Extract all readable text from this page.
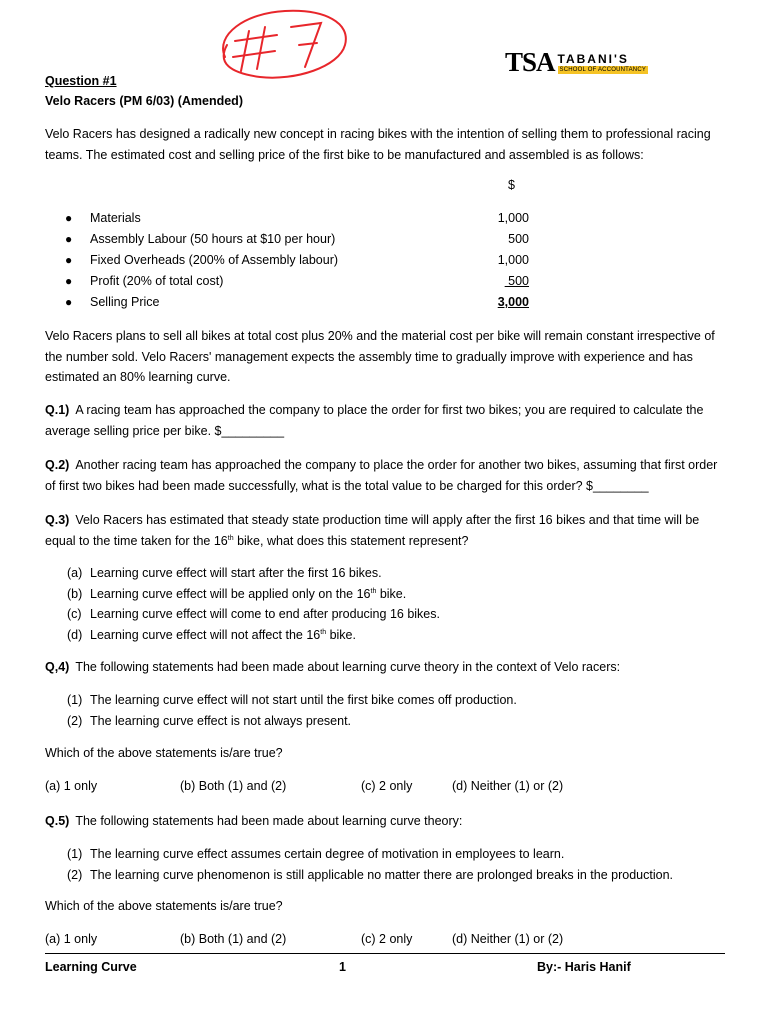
TSA TABANI'S
SCHOOL OF ACCOUNTANCY
Question #1
Velo Racers (PM 6/03) (Amended)
Velo Racers has designed a radically new concept in racing bikes with the intention of selling them to professional racing teams. The estimated cost and selling price of the first bike to be manufactured and assembled is as follows:
$
● Materials	1,000
● Assembly Labour (50 hours at $10 per hour)	500
● Fixed Overheads (200% of Assembly labour)	1,000
● Profit (20% of total cost)	500
● Selling Price	3,000
Velo Racers plans to sell all bikes at total cost plus 20% and the material cost per bike will remain constant irrespective of the number sold. Velo Racers' management expects the assembly time to gradually improve with experience and has estimated an 80% learning curve.
Q.1) A racing team has approached the company to place the order for first two bikes; you are required to calculate the average selling price per bike. $_________
Q.2) Another racing team has approached the company to place the order for another two bikes, assuming that first order of first two bikes had been made successfully, what is the total value to be charged for this order? $________
Q.3) Velo Racers has estimated that steady state production time will apply after the first 16 bikes and that time will be equal to the time taken for the 16th bike, what does this statement represent?
(a) Learning curve effect will start after the first 16 bikes.
(b) Learning curve effect will be applied only on the 16th bike.
(c) Learning curve effect will come to end after producing 16 bikes.
(d) Learning curve effect will not affect the 16th bike.
Q,4) The following statements had been made about learning curve theory in the context of Velo racers:
(1) The learning curve effect will not start until the first bike comes off production.
(2) The learning curve effect is not always present.
Which of the above statements is/are true?
(a) 1 only	(b) Both (1) and (2)	(c) 2 only	(d) Neither (1) or (2)
Q.5) The following statements had been made about learning curve theory:
(1) The learning curve effect assumes certain degree of motivation in employees to learn.
(2) The learning curve phenomenon is still applicable no matter there are prolonged breaks in the production.
Which of the above statements is/are true?
(a) 1 only	(b) Both (1) and (2)	(c) 2 only	(d) Neither (1) or (2)
Learning Curve	1	By:- Haris Hanif
